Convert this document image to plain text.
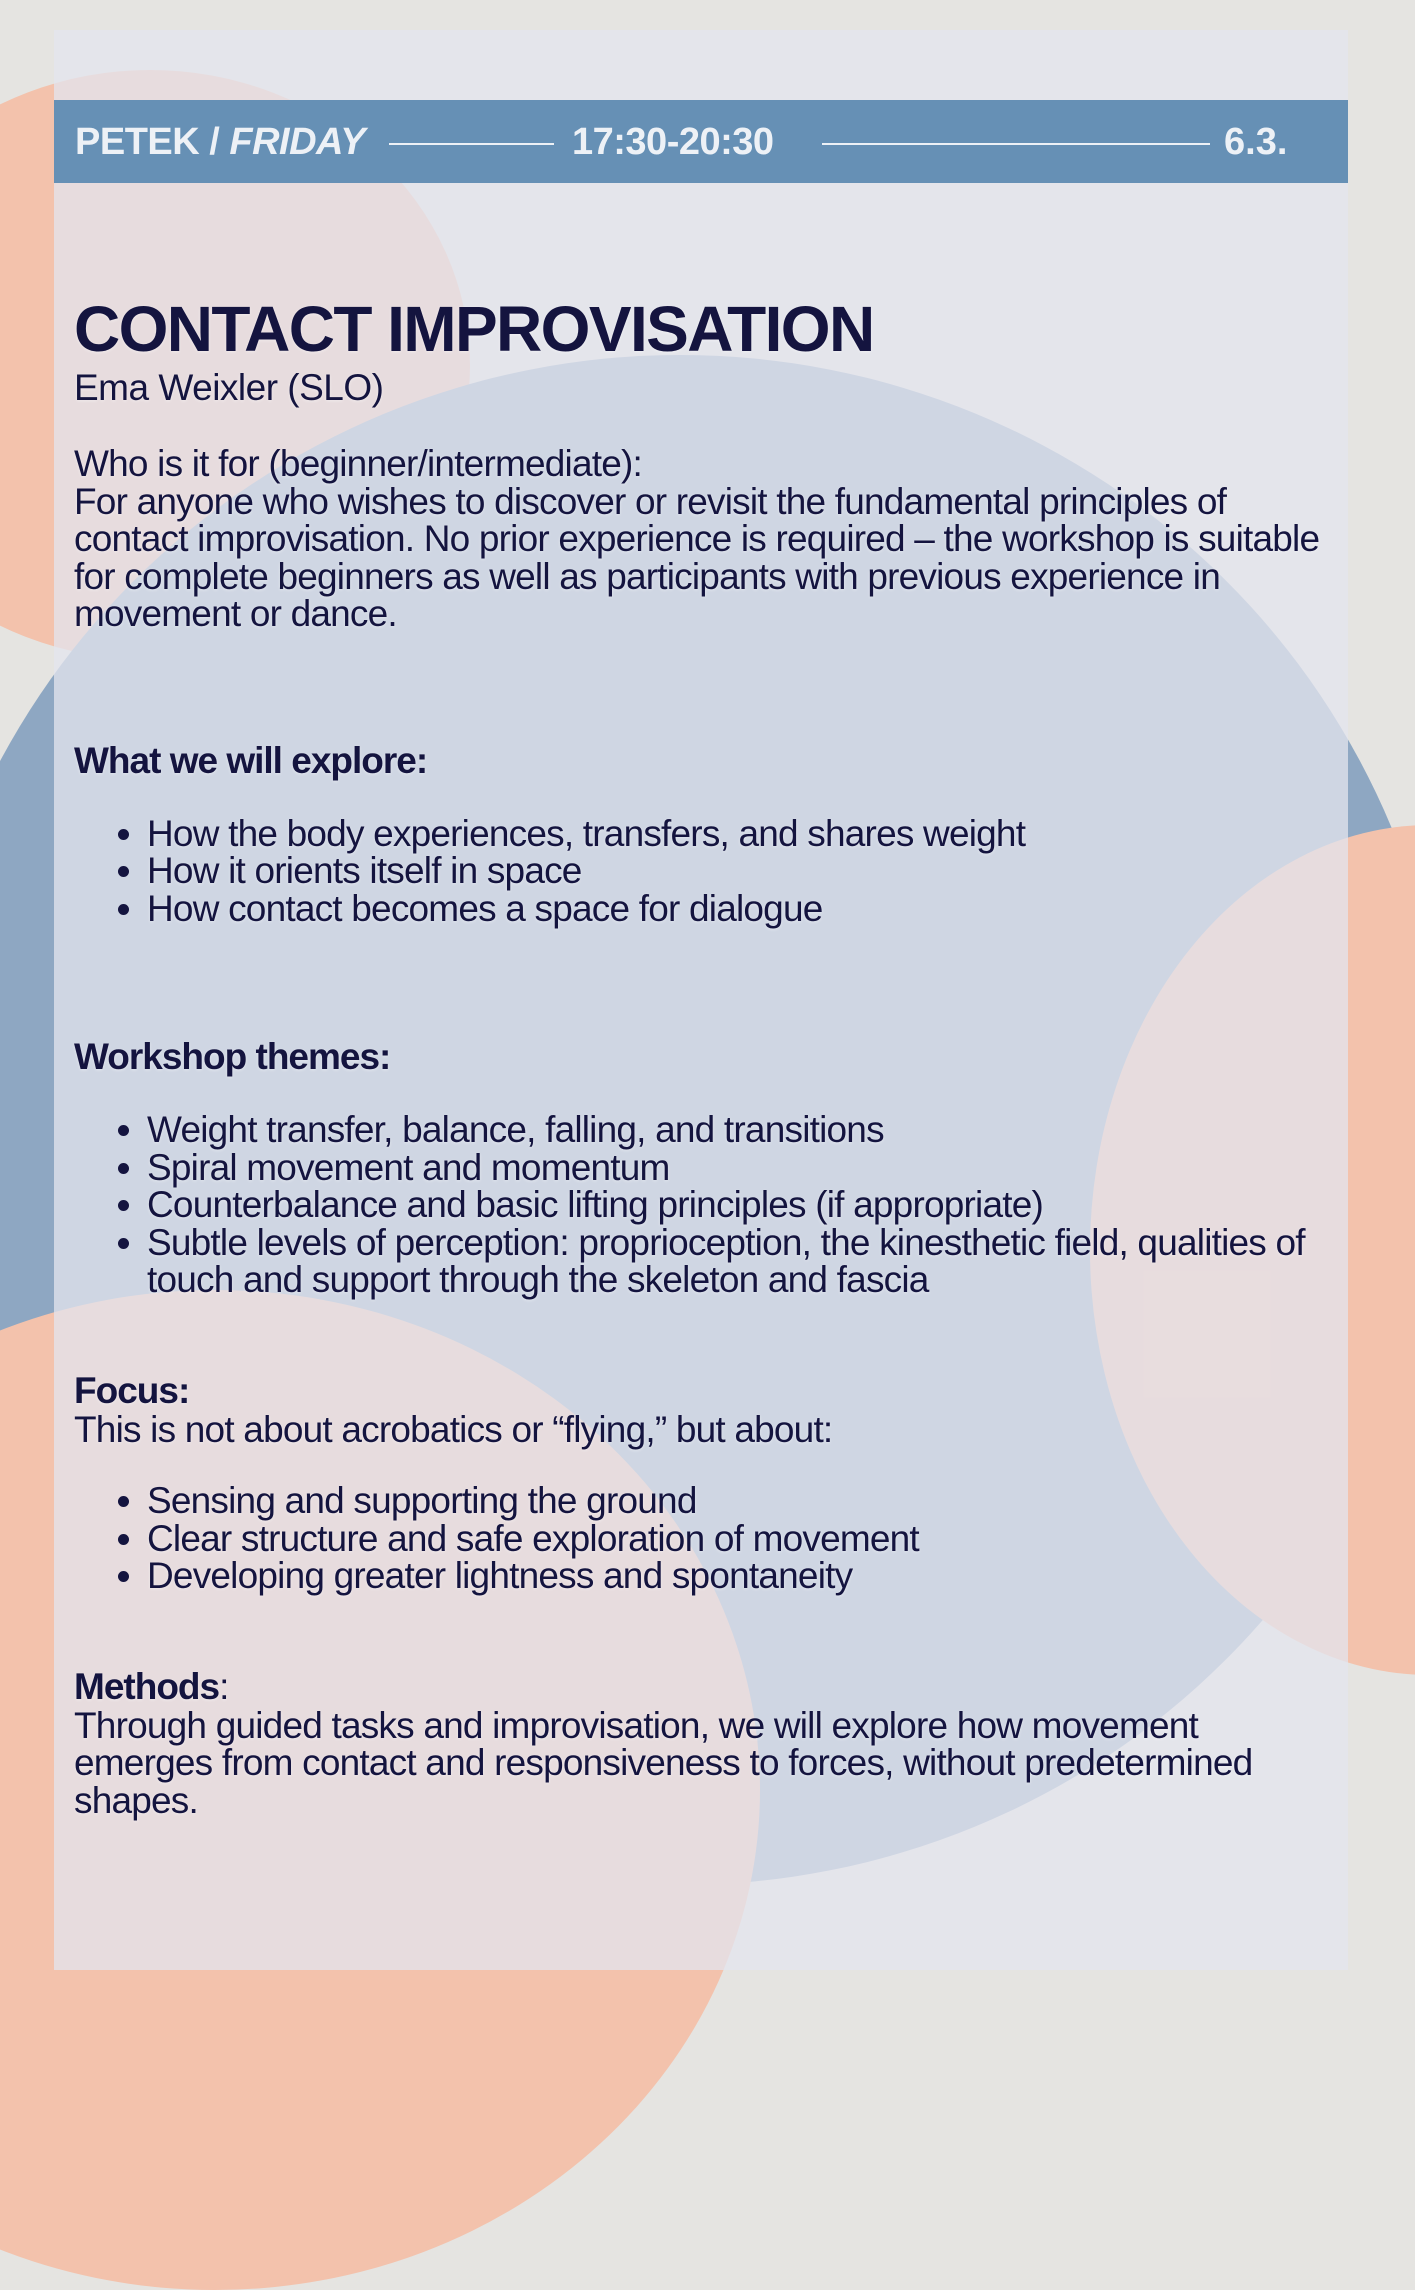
PETEK / FRIDAY	17:30-20:30	6.3.
CONTACT IMPROVISATION
Ema Weixler (SLO)

Who is it for (beginner/intermediate):

For anyone who wishes to discover or revisit the fundamental principles of contact improvisation. No prior experience is required – the workshop is suitable for complete beginners as well as participants with previous experience in movement or dance.

What we will explore:

• How the body experiences, transfers, and shares weight
• How it orients itself in space
• How contact becomes a space for dialogue

Workshop themes:

• Weight transfer, balance, falling, and transitions
• Spiral movement and momentum
• Counterbalance and basic lifting principles (if appropriate)
• Subtle levels of perception: proprioception, the kinesthetic field, qualities of touch and support through the skeleton and fascia

Focus:

This is not about acrobatics or “flying,” but about:

• Sensing and supporting the ground
• Clear structure and safe exploration of movement
• Developing greater lightness and spontaneity

Methods:

Through guided tasks and improvisation, we will explore how movement emerges from contact and responsiveness to forces, without predetermined shapes.
